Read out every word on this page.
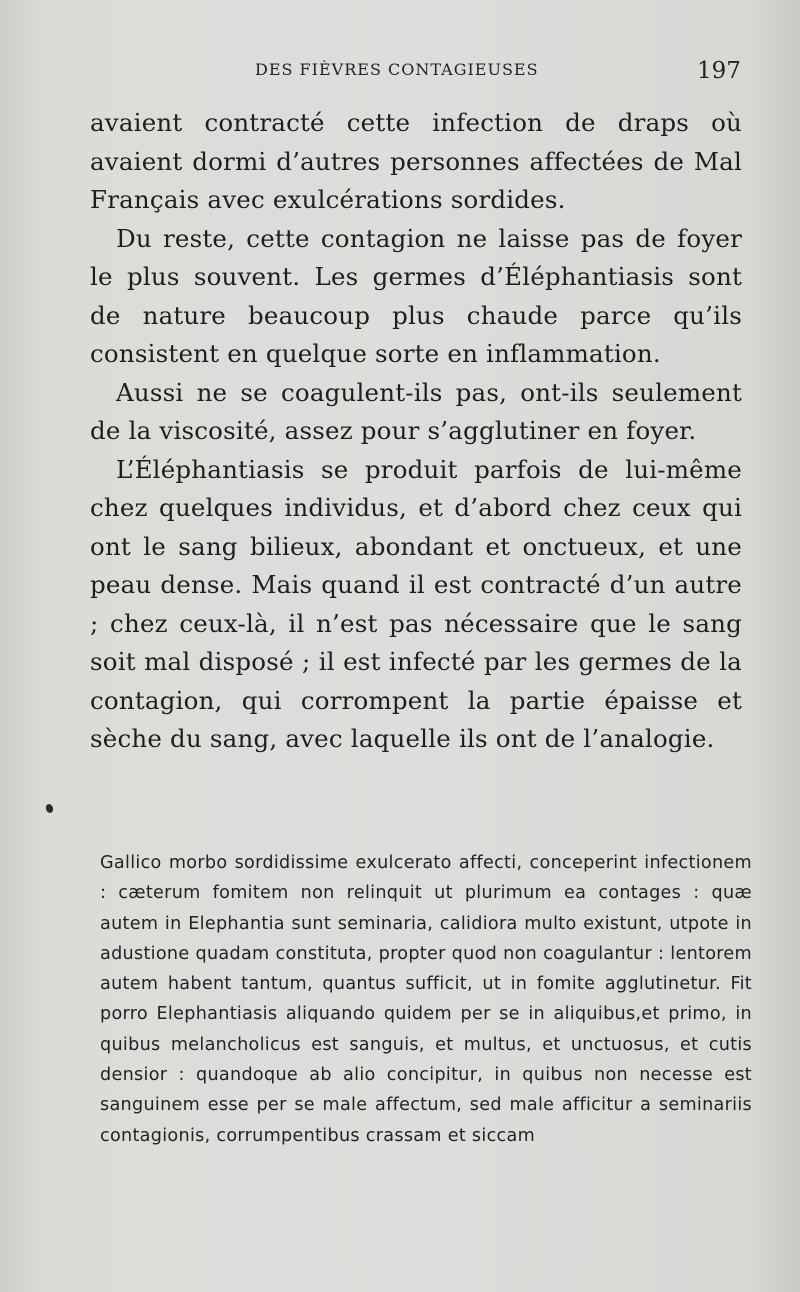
DES FIÈVRES CONTAGIEUSES	197

avaient contracté cette infection de draps où avaient dormi d’autres personnes affectées de Mal Français avec exulcérations sordides.

Du reste, cette contagion ne laisse pas de foyer le plus souvent. Les germes d’Éléphantiasis sont de nature beaucoup plus chaude parce qu’ils consistent en quelque sorte en inflammation.

Aussi ne se coagulent-ils pas, ont-ils seulement de la viscosité, assez pour s’agglutiner en foyer.

L’Éléphantiasis se produit parfois de lui-même chez quelques individus, et d’abord chez ceux qui ont le sang bilieux, abondant et onctueux, et une peau dense. Mais quand il est contracté d’un autre ; chez ceux-là, il n’est pas nécessaire que le sang soit mal disposé ; il est infecté par les germes de la contagion, qui corrompent la partie épaisse et sèche du sang, avec laquelle ils ont de l’analogie.

Gallico morbo sordidissime exulcerato affecti, conceperint infectionem : cæterum fomitem non relinquit ut plurimum ea contages : quæ autem in Elephantia sunt seminaria, calidiora multo existunt, utpote in adustione quadam constituta, propter quod non coagulantur : lentorem autem habent tantum, quantus sufficit, ut in fomite agglutinetur. Fit porro Elephantiasis aliquando quidem per se in aliquibus,et primo, in quibus melancholicus est sanguis, et multus, et unctuosus, et cutis densior : quandoque ab alio concipitur, in quibus non necesse est sanguinem esse per se male affectum, sed male afficitur a seminariis contagionis, corrumpentibus crassam et siccam
